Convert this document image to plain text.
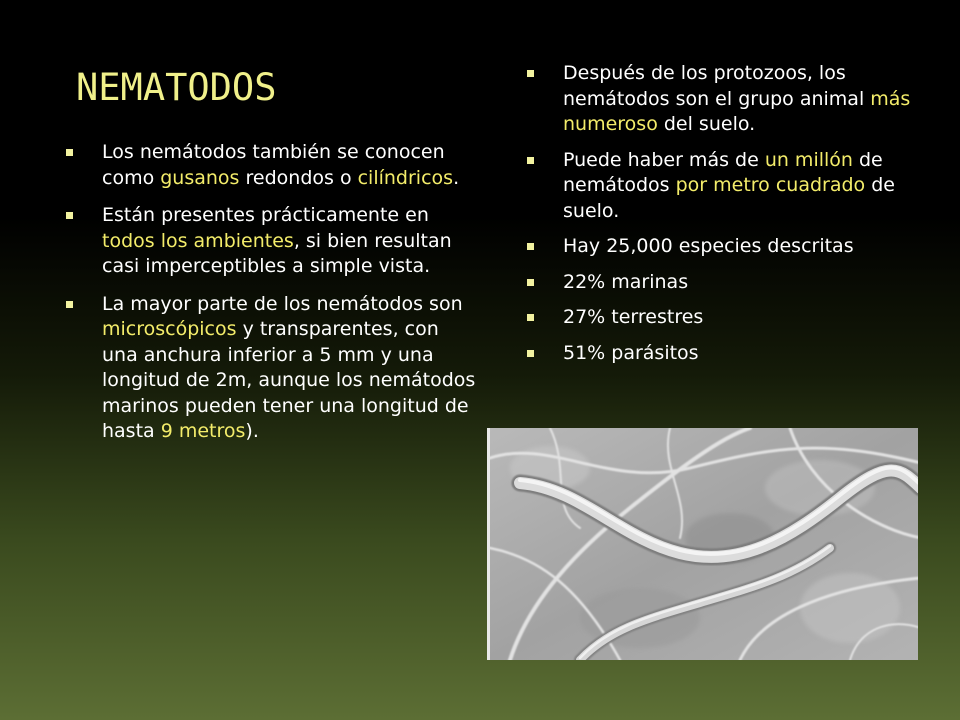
NEMATODOS
Los nemátodos también se conocen como gusanos redondos o cilíndricos.
Están presentes prácticamente en todos los ambientes, si bien resultan casi imperceptibles a simple vista.
La mayor parte de los nemátodos son microscópicos y transparentes, con una anchura inferior a 5 mm y una longitud de 2m, aunque los nemátodos marinos pueden tener una longitud de hasta 9 metros).
Después de los protozoos, los nemátodos son el grupo animal más numeroso del suelo.
Puede haber más de un millón de nemátodos por metro cuadrado de suelo.
Hay 25,000 especies descritas
22% marinas
27% terrestres
51% parásitos
